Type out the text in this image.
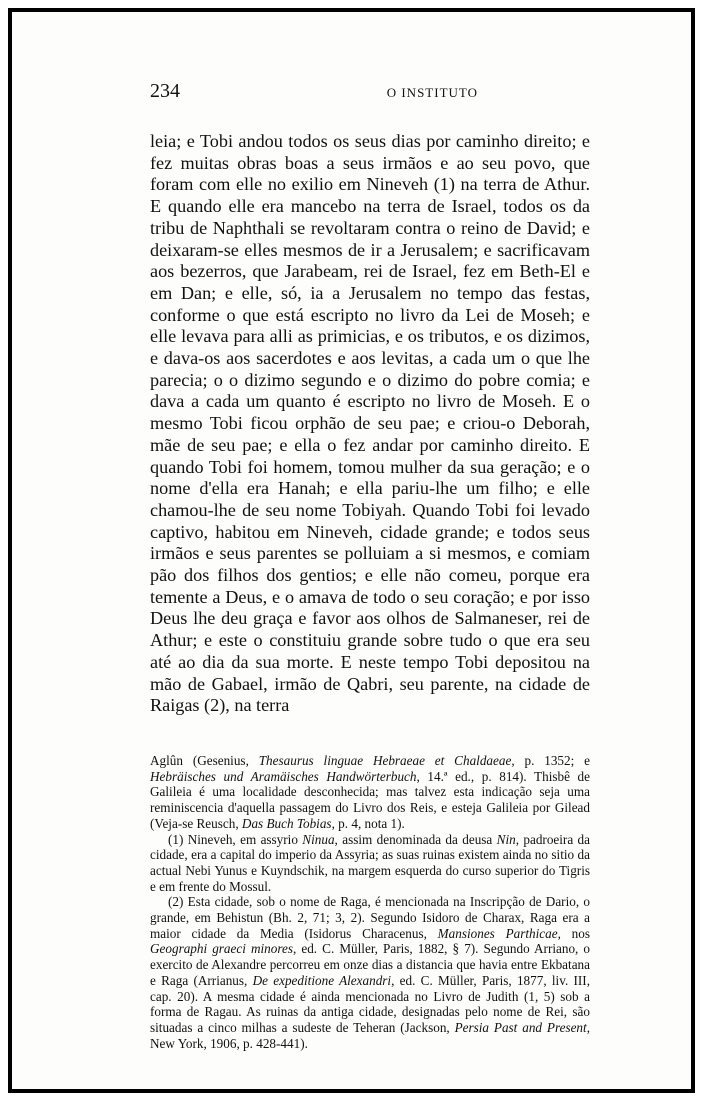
234	O INSTITUTO

leia; e Tobi andou todos os seus dias por caminho direito; e fez muitas obras boas a seus irmãos e ao seu povo, que foram com elle no exilio em Nineveh (1) na terra de Athur. E quando elle era mancebo na terra de Israel, todos os da tribu de Naphthali se revoltaram contra o reino de David; e deixaram-se elles mesmos de ir a Jerusalem; e sacrificavam aos bezerros, que Jarabeam, rei de Israel, fez em Beth-El e em Dan; e elle, só, ia a Jerusalem no tempo das festas, conforme o que está escripto no livro da Lei de Moseh; e elle levava para alli as primicias, e os tributos, e os dizimos, e dava-os aos sacerdotes e aos levitas, a cada um o que lhe parecia; o o dizimo segundo e o dizimo do pobre comia; e dava a cada um quanto é escripto no livro de Moseh. E o mesmo Tobi ficou orphão de seu pae; e criou-o Deborah, mãe de seu pae; e ella o fez andar por caminho direito. E quando Tobi foi homem, tomou mulher da sua geração; e o nome d'ella era Hanah; e ella pariu-lhe um filho; e elle chamou-lhe de seu nome Tobiyah. Quando Tobi foi levado captivo, habitou em Nineveh, cidade grande; e todos seus irmãos e seus parentes se polluiam a si mesmos, e comiam pão dos filhos dos gentios; e elle não comeu, porque era temente a Deus, e o amava de todo o seu coração; e por isso Deus lhe deu graça e favor aos olhos de Salmaneser, rei de Athur; e este o constituiu grande sobre tudo o que era seu até ao dia da sua morte. E neste tempo Tobi depositou na mão de Gabael, irmão de Qabri, seu parente, na cidade de Raigas (2), na terra

Aglûn (Gesenius, Thesaurus linguae Hebraeae et Chaldaeae, p. 1352; e Hebräisches und Aramäisches Handwörterbuch, 14.ª ed., p. 814). Thisbê de Galileia é uma localidade desconhecida; mas talvez esta indicação seja uma reminiscencia d'aquella passagem do Livro dos Reis, e esteja Galileia por Gilead (Veja-se Reusch, Das Buch Tobias, p. 4, nota 1).

(1) Nineveh, em assyrio Ninua, assim denominada da deusa Nin, padroeira da cidade, era a capital do imperio da Assyria; as suas ruinas existem ainda no sitio da actual Nebi Yunus e Kuyndschik, na margem esquerda do curso superior do Tigris e em frente do Mossul.

(2) Esta cidade, sob o nome de Raga, é mencionada na Inscripção de Dario, o grande, em Behistun (Bh. 2, 71; 3, 2). Segundo Isidoro de Charax, Raga era a maior cidade da Media (Isidorus Characenus, Mansiones Parthicae, nos Geographi graeci minores, ed. C. Müller, Paris, 1882, § 7). Segundo Arriano, o exercito de Alexandre percorreu em onze dias a distancia que havia entre Ekbatana e Raga (Arrianus, De expeditione Alexandri, ed. C. Müller, Paris, 1877, liv. III, cap. 20). A mesma cidade é ainda mencionada no Livro de Judith (1, 5) sob a forma de Ragau. As ruinas da antiga cidade, designadas pelo nome de Rei, são situadas a cinco milhas a sudeste de Teheran (Jackson, Persia Past and Present, New York, 1906, p. 428-441).
